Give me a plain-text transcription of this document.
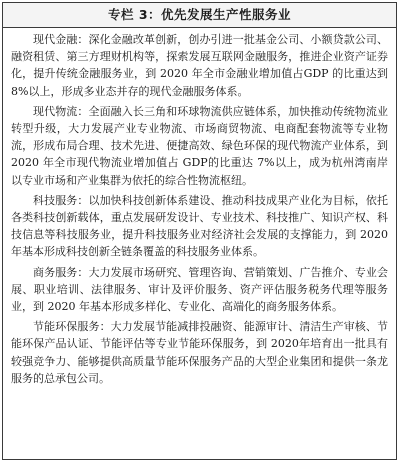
专栏 3：优先发展生产性服务业

现代金融：深化金融改革创新，创办引进一批基金公司、小额贷款公司、融资租赁、第三方理财机构等，探索发展互联网金融服务，推进企业资产证券化，提升传统金融服务业，到 2020 年全市金融业增加值占GDP 的比重达到 8%以上，形成多业态并存的现代金融服务体系。

现代物流：全面融入长三角和环球物流供应链体系，加快推动传统物流业转型升级，大力发展产业专业物流、市场商贸物流、电商配套物流等专业物流，形成布局合理、技术先进、便捷高效、绿色环保的现代物流产业体系，到 2020 年全市现代物流业增加值占 GDP的比重达 7%以上，成为杭州湾南岸以专业市场和产业集群为依托的综合性物流枢纽。

科技服务：以加快科技创新体系建设、推动科技成果产业化为目标，依托各类科技创新载体，重点发展研发设计、专业技术、科技推广、知识产权、科技信息等科技服务业，提升科技服务业对经济社会发展的支撑能力，到 2020 年基本形成科技创新全链条覆盖的科技服务业体系。

商务服务：大力发展市场研究、管理咨询、营销策划、广告推介、专业会展、职业培训、法律服务、审计及评价服务、资产评估服务税务代理等服务业，到 2020 年基本形成多样化、专业化、高端化的商务服务体系。

节能环保服务：大力发展节能减排投融资、能源审计、清洁生产审核、节能环保产品认证、节能评估等专业节能环保服务，到 2020年培育出一批具有较强竞争力、能够提供高质量节能环保服务产品的大型企业集团和提供一条龙服务的总承包公司。
